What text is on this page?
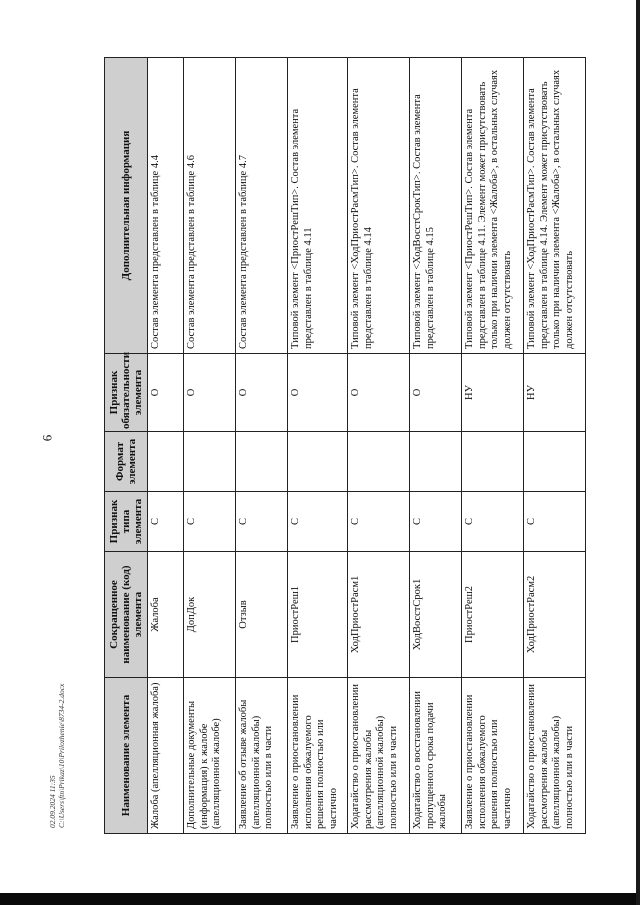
6
Наименование элемента	Сокращенное наименование (код) элемента	Признак типа элемента	Формат элемента	Признак обязательности элемента	Дополнительная информация
Жалоба (апелляционная жалоба)	Жалоба	С		О	Состав элемента представлен в таблице 4.4
Дополнительные документы (информация) к жалобе (апелляционной жалобе)	ДопДок	С		О	Состав элемента представлен в таблице 4.6
Заявление об отзыве жалобы (апелляционной жалобы) полностью или в части	Отзыв	С		О	Состав элемента представлен в таблице 4.7
Заявление о приостановлении исполнения обжалуемого решения полностью или частично	ПриостРеш1	С		О	Типовой элемент <ПриостРешТип>. Состав элемента представлен в таблице 4.11
Ходатайство о приостановлении рассмотрения жалобы (апелляционной жалобы) полностью или в части	ХодПриостРасм1	С		О	Типовой элемент <ХодПриостРасмТип>. Состав элемента представлен в таблице 4.14
Ходатайство о восстановлении пропущенного срока подачи жалобы	ХодВосстСрок1	С		О	Типовой элемент <ХодВосстСрокТип>. Состав элемента представлен в таблице 4.15
Заявление о приостановлении исполнения обжалуемого решения полностью или частично	ПриостРеш2	С		НУ	Типовой элемент <ПриостРешТип>. Состав элемента представлен в таблице 4.11. Элемент может присутствовать только при наличии элемента <Жалоба>, в остальных случаях должен отсутствовать
Ходатайство о приостановлении рассмотрения жалобы (апелляционной жалобы) полностью или в части	ХодПриостРасм2	С		НУ	Типовой элемент <ХодПриостРасмТип>. Состав элемента представлен в таблице 4.14. Элемент может присутствовать только при наличии элемента <Жалоба>, в остальных случаях должен отсутствовать
02.09.2024 11:35 C:\Users\ftn\Prikaz\10\Prilozhenie\8734-2.docx
